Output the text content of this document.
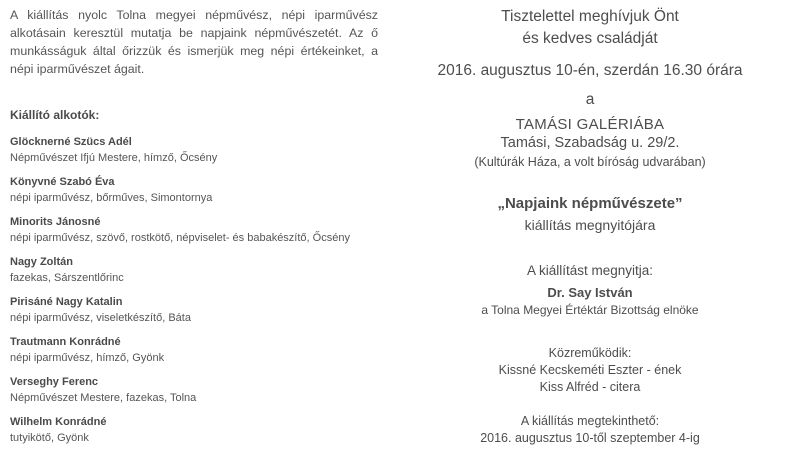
A kiállítás nyolc Tolna megyei népművész, népi iparművész alkotásain keresztül mutatja be napjaink népművészetét. Az ő munkásságuk által őrizzük és ismerjük meg népi értékeinket, a népi iparművészet ágait.

Kiállító alkotók:
Glöcknerné Szücs Adél
Népművészet Ifjú Mestere, hímző, Őcsény
Könyvné Szabó Éva
népi iparművész, bőrműves, Simontornya
Minorits Jánosné
népi iparművész, szövő, rostkötő, népviselet- és babakészítő, Őcsény
Nagy Zoltán
fazekas, Sárszentlőrinc
Pirisáné Nagy Katalin
népi iparművész, viseletkészítő, Báta
Trautmann Konrádné
népi iparművész, hímző, Gyönk
Verseghy Ferenc
Népművészet Mestere, fazekas, Tolna
Wilhelm Konrádné
tutyikötő, Gyönk
Tisztelettel meghívjuk Önt
és kedves családját
2016. augusztus 10-én, szerdán 16.30 órára
a
TAMÁSI GALÉRIÁBA
Tamási, Szabadság u. 29/2.
(Kultúrák Háza, a volt bíróság udvarában)
„Napjaink népművészete”
kiállítás megnyitójára
A kiállítást megnyitja:
Dr. Say István
a Tolna Megyei Értéktár Bizottság elnöke
Közreműködik:
Kissné Kecskeméti Eszter - ének
Kiss Alfréd - citera
A kiállítás megtekinthető:
2016. augusztus 10-től szeptember 4-ig
